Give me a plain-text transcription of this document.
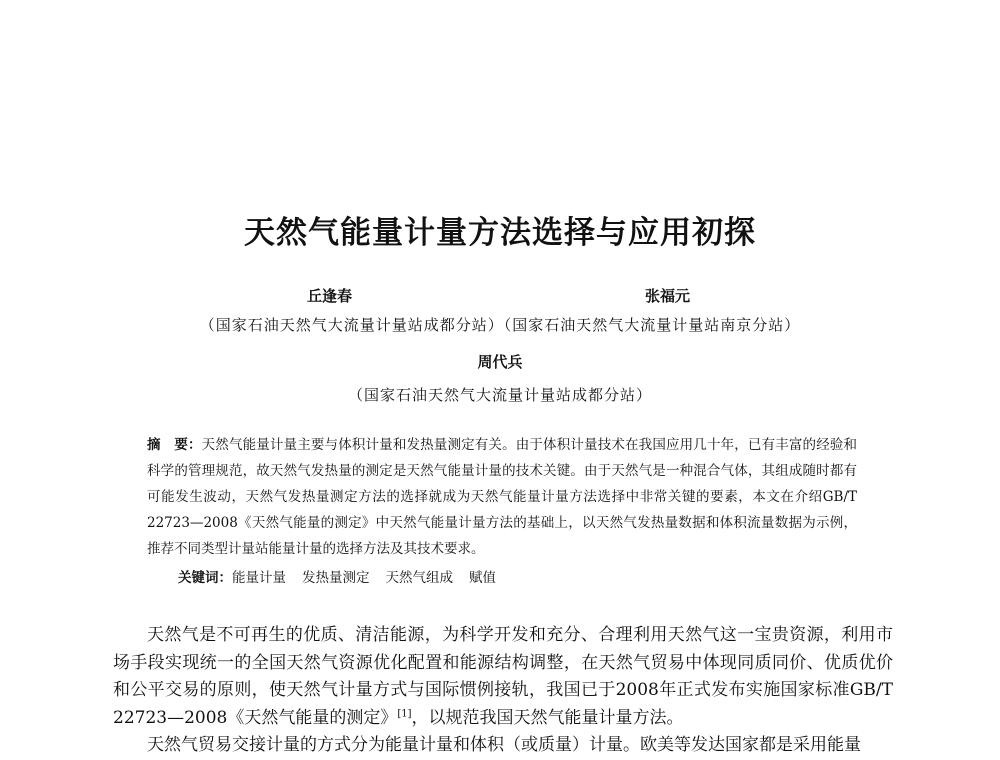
天然气能量计量方法选择与应用初探
丘逢春	张福元
（国家石油天然气大流量计量站成都分站）（国家石油天然气大流量计量站南京分站）
周代兵
（国家石油天然气大流量计量站成都分站）
摘　要：天然气能量计量主要与体积计量和发热量测定有关。由于体积计量技术在我国应用几十年，已有丰富的经验和科学的管理规范，故天然气发热量的测定是天然气能量计量的技术关键。由于天然气是一种混合气体，其组成随时都有可能发生波动，天然气发热量测定方法的选择就成为天然气能量计量方法选择中非常关键的要素，本文在介绍GB/T 22723—2008《天然气能量的测定》中天然气能量计量方法的基础上，以天然气发热量数据和体积流量数据为示例，推荐不同类型计量站能量计量的选择方法及其技术要求。
关键词：能量计量 发热量测定 天然气组成 赋值

天然气是不可再生的优质、清洁能源，为科学开发和充分、合理利用天然气这一宝贵资源，利用市场手段实现统一的全国天然气资源优化配置和能源结构调整，在天然气贸易中体现同质同价、优质优价和公平交易的原则，使天然气计量方式与国际惯例接轨，我国已于2008年正式发布实施国家标准GB/T 22723—2008《天然气能量的测定》[1]，以规范我国天然气能量计量方法。

天然气贸易交接计量的方式分为能量计量和体积（或质量）计量。欧美等发达国家都是采用能量
